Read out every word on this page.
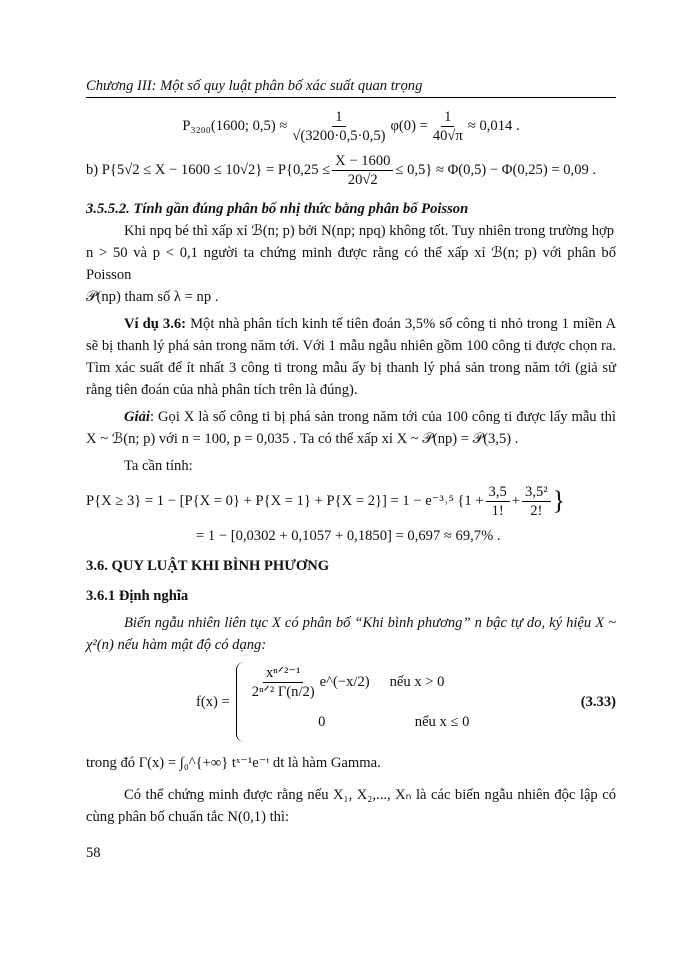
Chương III: Một số quy luật phân bố xác suất quan trọng
P₃₂₀₀(1600; $0,5) \approx \frac{1}{√(3200\cdot 0,5\cdot 0,5)} \varphi(0) = \frac{1}{40√\pi} \approx 0,014$ .
b) $P\{5√2 \le X - 1600 \le 10√2\} = P\{0,25 \le \frac{X - 1600}{20√2} \le 0,5\} \approx \Phi(0,5) - \Phi(0,25) = 0,09$ .
3.5.5.2. Tính gần đúng phân bố nhị thức bằng phân bố Poisson
Khi npq bé thì xấp xỉ ℬ(n; p) bởi N(np; npq) không tốt. Tuy nhiên trong trường hợp
n > 50 và p < 0,1 người ta chứng minh được rằng có thể xấp xỉ ℬ(n; p) với phân bố Poisson
𝒫(np) tham số λ = np .
Ví dụ 3.6: Một nhà phân tích kinh tế tiên đoán 3,5% số công ti nhỏ trong 1 miền A sẽ bị thanh lý phá sản trong năm tới. Với 1 mẫu ngẫu nhiên gồm 100 công ti được chọn ra. Tìm xác suất để ít nhất 3 công ti trong mẫu ấy bị thanh lý phá sản trong năm tới (giả sử rằng tiên đoán của nhà phân tích trên là đúng).
Giải: Gọi X là số công ti bị phá sản trong năm tới của 100 công ti được lấy mẫu thì X ~ ℬ(n; p) với n = 100, p = 0,035 . Ta có thể xấp xỉ X ~ 𝒫(np) = 𝒫(3,5) .
Ta cần tính:
P{X ≥ 3} = 1 − [P{X = 0} + P{X = 1} + P{X = 2}] = 1 − e⁻³˒⁵ {$1 + \frac{3,5}{1!} + \frac{\text{3,5²}}{2!}$ }
= 1 − [0,0302 + 0,1057 + 0,1850] = 0,697 ≈ 69,7% .
3.6. QUY LUẬT KHI BÌNH PHƯƠNG
3.6.1 Định nghĩa
Biến ngẫu nhiên liên tục X có phân bố “Khi bình phương” n bậc tự do, ký hiệu X ~ χ²(n) nếu hàm mật độ có dạng:
f(x) =
$\frac{\text{xⁿᐟ²⁻¹}}{\text{2ⁿᐟ² Γ(n/2)}}$ e^(−x/2) nếu x > 0
0	nếu x ≤ 0
(3.33)
trong đó Γ(x) = ∫₀^{+∞} tˣ⁻¹e⁻ᵗ dt là hàm Gamma.
Có thể chứng minh được rằng nếu X₁, X₂,..., Xₙ là các biến ngẫu nhiên độc lập có cùng phân bố chuẩn tắc N(0,1) thì:
58
